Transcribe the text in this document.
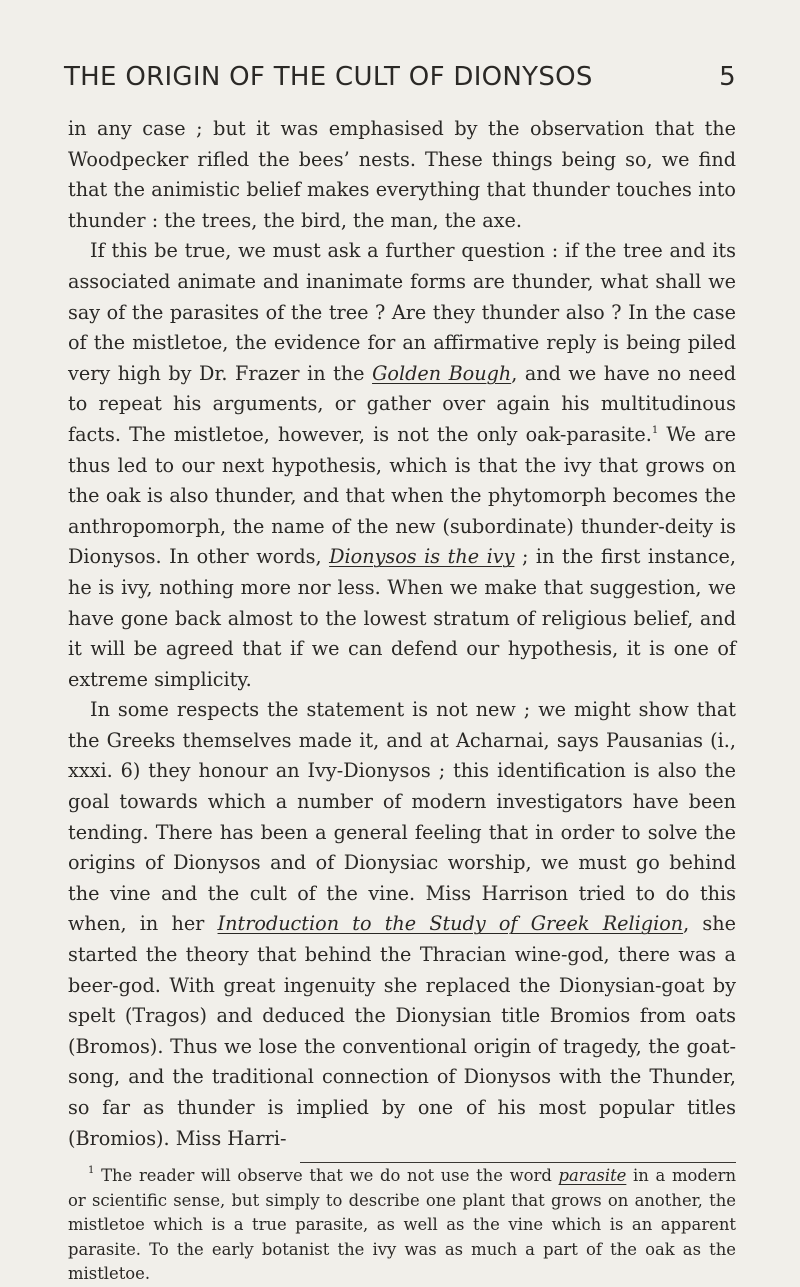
THE ORIGIN OF THE CULT OF DIONYSOS	5

in any case ; but it was emphasised by the observation that the Woodpecker rifled the bees’ nests. These things being so, we find that the animistic belief makes everything that thunder touches into thunder : the trees, the bird, the man, the axe.

If this be true, we must ask a further question : if the tree and its associated animate and inanimate forms are thunder, what shall we say of the parasites of the tree ? Are they thunder also ? In the case of the mistletoe, the evidence for an affirmative reply is being piled very high by Dr. Frazer in the Golden Bough, and we have no need to repeat his arguments, or gather over again his multitudinous facts. The mistletoe, however, is not the only oak-parasite.$^1$ We are thus led to our next hypothesis, which is that the ivy that grows on the oak is also thunder, and that when the phytomorph becomes the anthropomorph, the name of the new (subordinate) thunder-deity is Dionysos. In other words, Dionysos is the ivy ; in the first instance, he is ivy, nothing more nor less. When we make that suggestion, we have gone back almost to the lowest stratum of religious belief, and it will be agreed that if we can defend our hypothesis, it is one of extreme simplicity.

In some respects the statement is not new ; we might show that the Greeks themselves made it, and at Acharnai, says Pausanias (i., xxxi. 6) they honour an Ivy-Dionysos ; this identification is also the goal towards which a number of modern investigators have been tending. There has been a general feeling that in order to solve the origins of Dionysos and of Dionysiac worship, we must go behind the vine and the cult of the vine. Miss Harrison tried to do this when, in her Introduction to the Study of Greek Religion, she started the theory that behind the Thracian wine-god, there was a beer-god. With great ingenuity she replaced the Dionysian-goat by spelt (Tragos) and deduced the Dionysian title Bromios from oats (Bromos). Thus we lose the conventional origin of tragedy, the goat-song, and the traditional connection of Dionysos with the Thunder, so far as thunder is implied by one of his most popular titles (Bromios). Miss Harri-

$^1$ The reader will observe that we do not use the word parasite in a modern or scientific sense, but simply to describe one plant that grows on another, the mistletoe which is a true parasite, as well as the vine which is an apparent parasite. To the early botanist the ivy was as much a part of the oak as the mistletoe.
